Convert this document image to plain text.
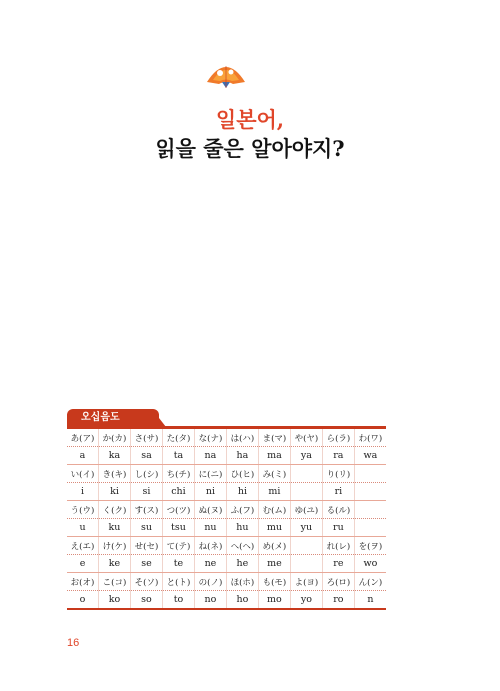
일본어,
읽을 줄은 알아야지?
오십음도
あ(ア)	か(カ)	さ(サ)	た(タ)	な(ナ)	は(ハ)	ま(マ)	や(ヤ)	ら(ラ)	わ(ワ)
a	ka	sa	ta	na	ha	ma	ya	ra	wa
い(イ)	き(キ)	し(シ)	ち(チ)	に(ニ)	ひ(ヒ)	み(ミ)		り(リ)	
i	ki	si	chi	ni	hi	mi		ri	
う(ウ)	く(ク)	す(ス)	つ(ツ)	ぬ(ヌ)	ふ(フ)	む(ム)	ゆ(ユ)	る(ル)	
u	ku	su	tsu	nu	hu	mu	yu	ru	
え(エ)	け(ケ)	せ(セ)	て(テ)	ね(ネ)	へ(ヘ)	め(メ)		れ(レ)	を(ヲ)
e	ke	se	te	ne	he	me		re	wo
お(オ)	こ(コ)	そ(ソ)	と(ト)	の(ノ)	ほ(ホ)	も(モ)	よ(ヨ)	ろ(ロ)	ん(ン)
o	ko	so	to	no	ho	mo	yo	ro	n
16
